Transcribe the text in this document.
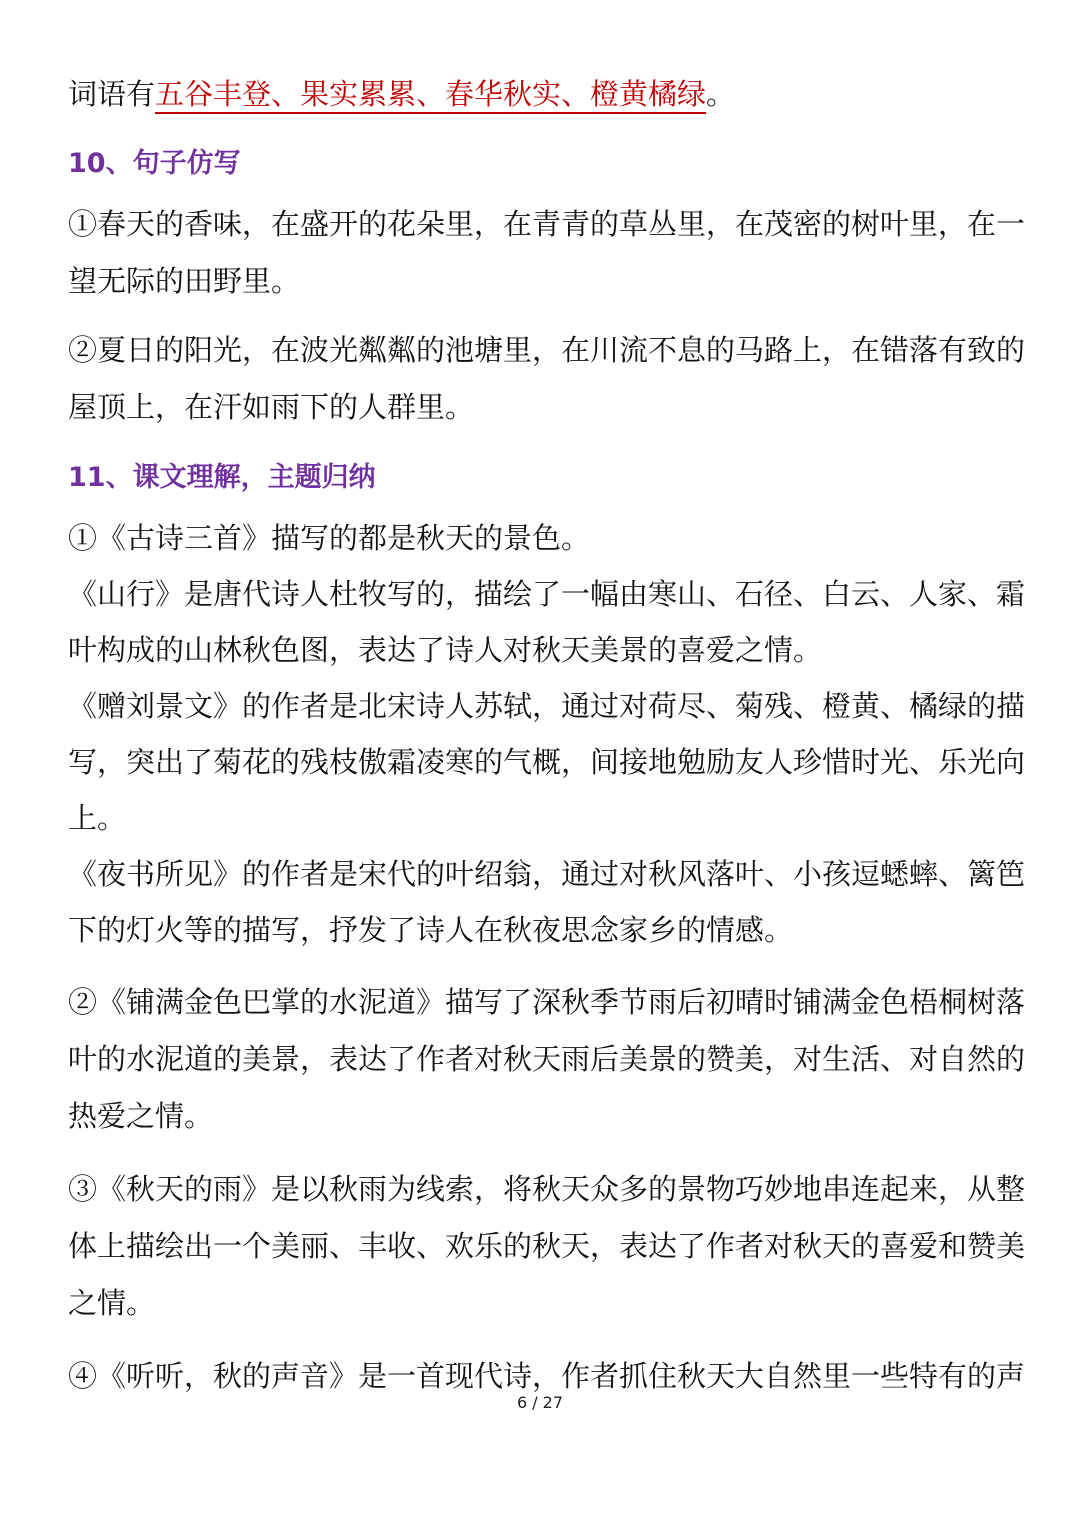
词语有五谷丰登、果实累累、春华秋实、橙黄橘绿。
10、句子仿写
①春天的香味，在盛开的花朵里，在青青的草丛里，在茂密的树叶里，在一
望无际的田野里。
②夏日的阳光，在波光粼粼的池塘里，在川流不息的马路上，在错落有致的
屋顶上，在汗如雨下的人群里。
11、课文理解，主题归纳
①《古诗三首》描写的都是秋天的景色。
《山行》是唐代诗人杜牧写的，描绘了一幅由寒山、石径、白云、人家、霜
叶构成的山林秋色图，表达了诗人对秋天美景的喜爱之情。
《赠刘景文》的作者是北宋诗人苏轼，通过对荷尽、菊残、橙黄、橘绿的描
写，突出了菊花的残枝傲霜凌寒的气概，间接地勉励友人珍惜时光、乐光向
上。
《夜书所见》的作者是宋代的叶绍翁，通过对秋风落叶、小孩逗蟋蟀、篱笆
下的灯火等的描写，抒发了诗人在秋夜思念家乡的情感。
②《铺满金色巴掌的水泥道》描写了深秋季节雨后初晴时铺满金色梧桐树落
叶的水泥道的美景，表达了作者对秋天雨后美景的赞美，对生活、对自然的
热爱之情。
③《秋天的雨》是以秋雨为线索，将秋天众多的景物巧妙地串连起来，从整
体上描绘出一个美丽、丰收、欢乐的秋天，表达了作者对秋天的喜爱和赞美
之情。
④《听听，秋的声音》是一首现代诗，作者抓住秋天大自然里一些特有的声
6 / 27
